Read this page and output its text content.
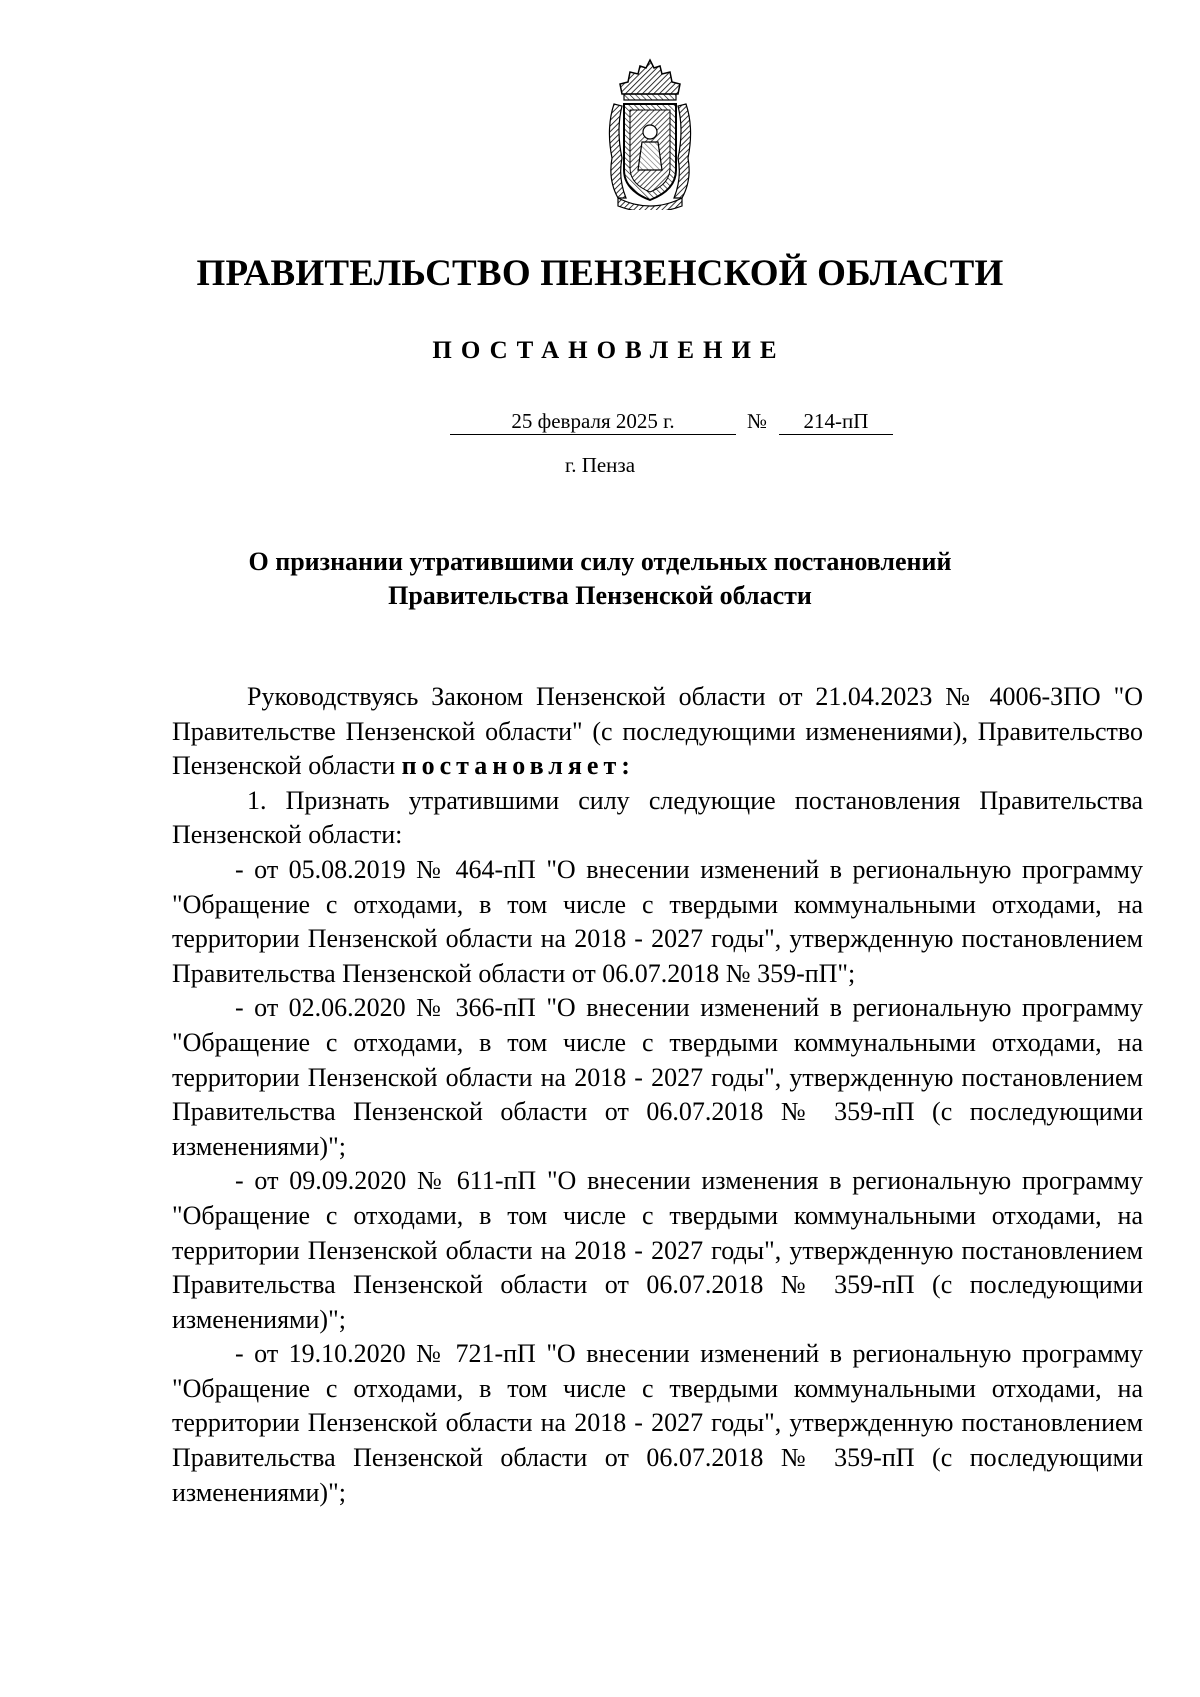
ПРАВИТЕЛЬСТВО ПЕНЗЕНСКОЙ ОБЛАСТИ
ПОСТАНОВЛЕНИЕ
25 февраля 2025 г.	№	214-пП
г. Пенза
О признании утратившими силу отдельных постановлений
Правительства Пензенской области

Руководствуясь Законом Пензенской области от 21.04.2023 № 4006-ЗПО "О Правительстве Пензенской области" (с последующими изменениями), Правительство Пензенской области постановляет:

1. Признать утратившими силу следующие постановления Правительства Пензенской области:

- от 05.08.2019 № 464-пП "О внесении изменений в региональную программу "Обращение с отходами, в том числе с твердыми коммунальными отходами, на территории Пензенской области на 2018 - 2027 годы", утвержденную постановлением Правительства Пензенской области от 06.07.2018 № 359-пП";

- от 02.06.2020 № 366-пП "О внесении изменений в региональную программу "Обращение с отходами, в том числе с твердыми коммунальными отходами, на территории Пензенской области на 2018 - 2027 годы", утвержденную постановлением Правительства Пензенской области от 06.07.2018 № 359-пП (с последующими изменениями)";

- от 09.09.2020 № 611-пП "О внесении изменения в региональную программу "Обращение с отходами, в том числе с твердыми коммунальными отходами, на территории Пензенской области на 2018 - 2027 годы", утвержденную постановлением Правительства Пензенской области от 06.07.2018 № 359-пП (с последующими изменениями)";

- от 19.10.2020 № 721-пП "О внесении изменений в региональную программу "Обращение с отходами, в том числе с твердыми коммунальными отходами, на территории Пензенской области на 2018 - 2027 годы", утвержденную постановлением Правительства Пензенской области от 06.07.2018 № 359-пП (с последующими изменениями)";
